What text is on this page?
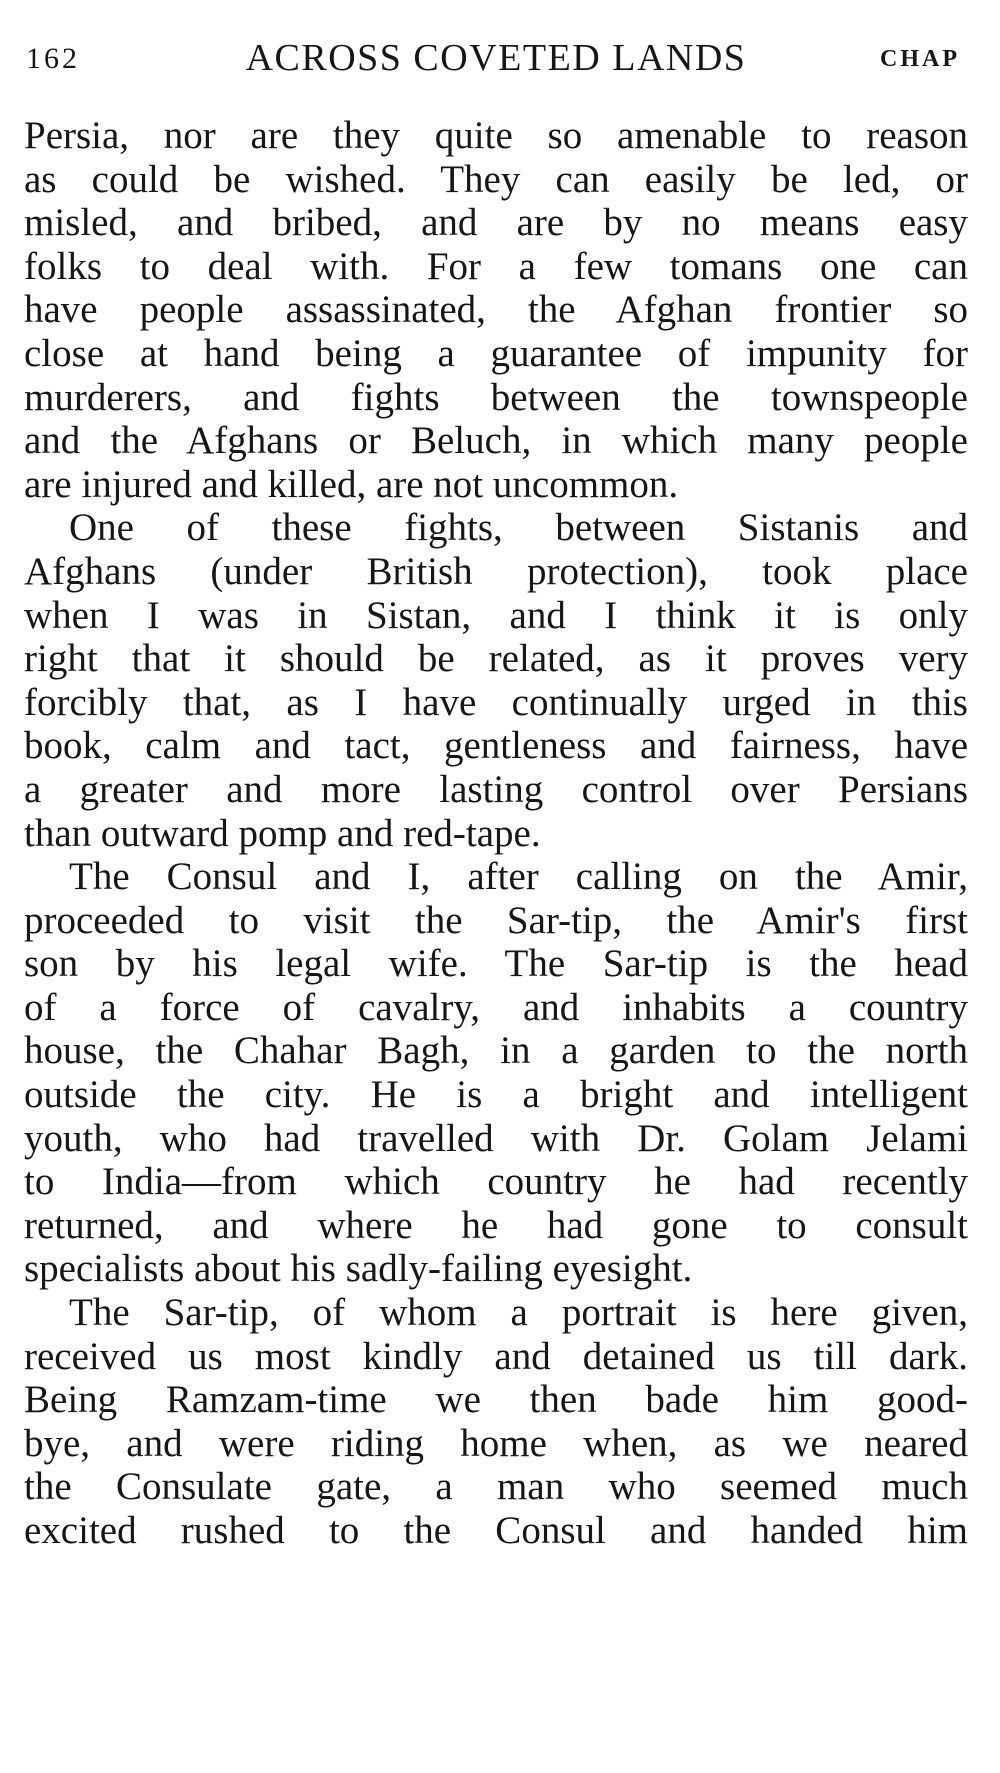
162	ACROSS COVETED LANDS	CHAP
Persia, nor are they quite so amenable to reason
as could be wished. They can easily be led, or
misled, and bribed, and are by no means easy
folks to deal with. For a few tomans one can
have people assassinated, the Afghan frontier so
close at hand being a guarantee of impunity for
murderers, and fights between the townspeople
and the Afghans or Beluch, in which many people
are injured and killed, are not uncommon.
One of these fights, between Sistanis and
Afghans (under British protection), took place
when I was in Sistan, and I think it is only
right that it should be related, as it proves very
forcibly that, as I have continually urged in this
book, calm and tact, gentleness and fairness, have
a greater and more lasting control over Persians
than outward pomp and red-tape.
The Consul and I, after calling on the Amir,
proceeded to visit the Sar-tip, the Amir's first
son by his legal wife. The Sar-tip is the head
of a force of cavalry, and inhabits a country
house, the Chahar Bagh, in a garden to the north
outside the city. He is a bright and intelligent
youth, who had travelled with Dr. Golam Jelami
to India—from which country he had recently
returned, and where he had gone to consult
specialists about his sadly-failing eyesight.
The Sar-tip, of whom a portrait is here given,
received us most kindly and detained us till dark.
Being Ramzam-time we then bade him good-
bye, and were riding home when, as we neared
the Consulate gate, a man who seemed much
excited rushed to the Consul and handed him
